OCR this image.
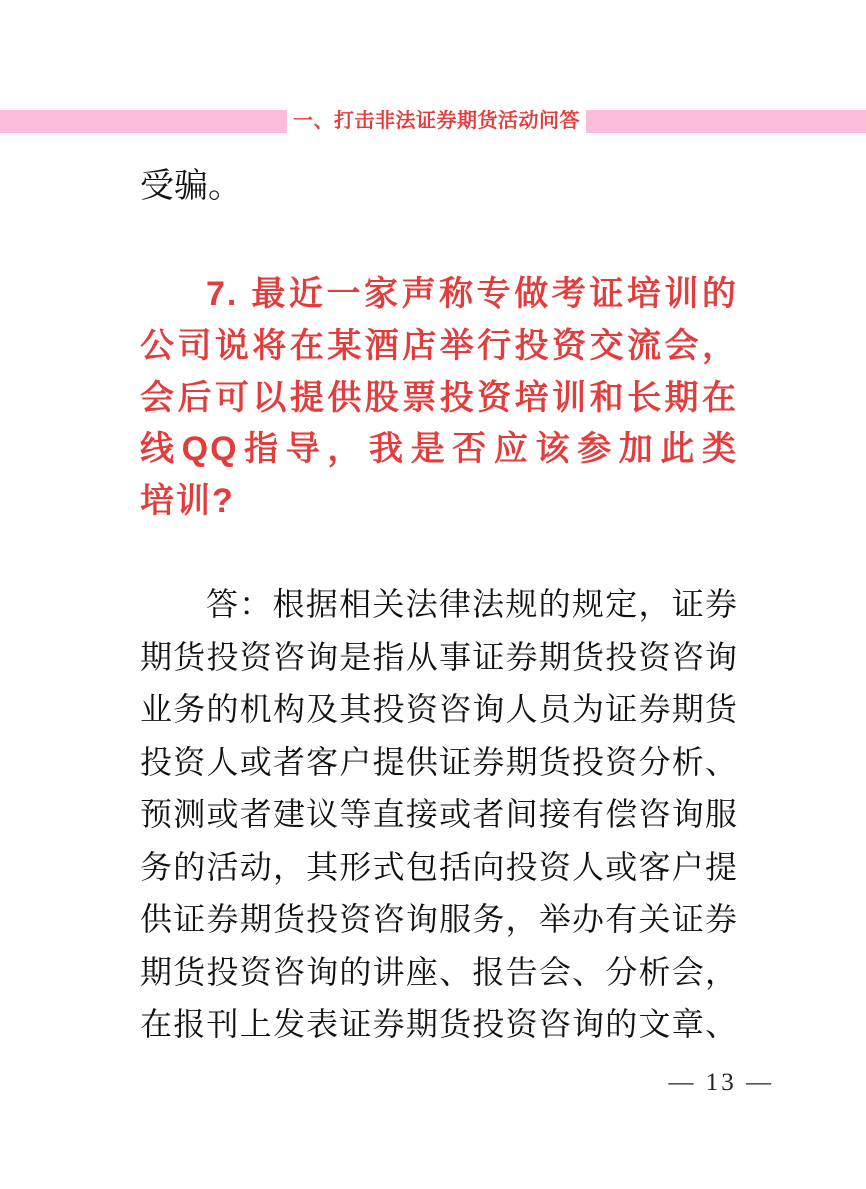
一、打击非法证券期货活动问答
受骗。
7. 最近一家声称专做考证培训的
公司说将在某酒店举行投资交流会，
会后可以提供股票投资培训和长期在
线QQ指导，我是否应该参加此类
培训?
答：根据相关法律法规的规定，证券
期货投资咨询是指从事证券期货投资咨询
业务的机构及其投资咨询人员为证券期货
投资人或者客户提供证券期货投资分析、
预测或者建议等直接或者间接有偿咨询服
务的活动，其形式包括向投资人或客户提
供证券期货投资咨询服务，举办有关证券
期货投资咨询的讲座、报告会、分析会，
在报刊上发表证券期货投资咨询的文章、
— 13 —
